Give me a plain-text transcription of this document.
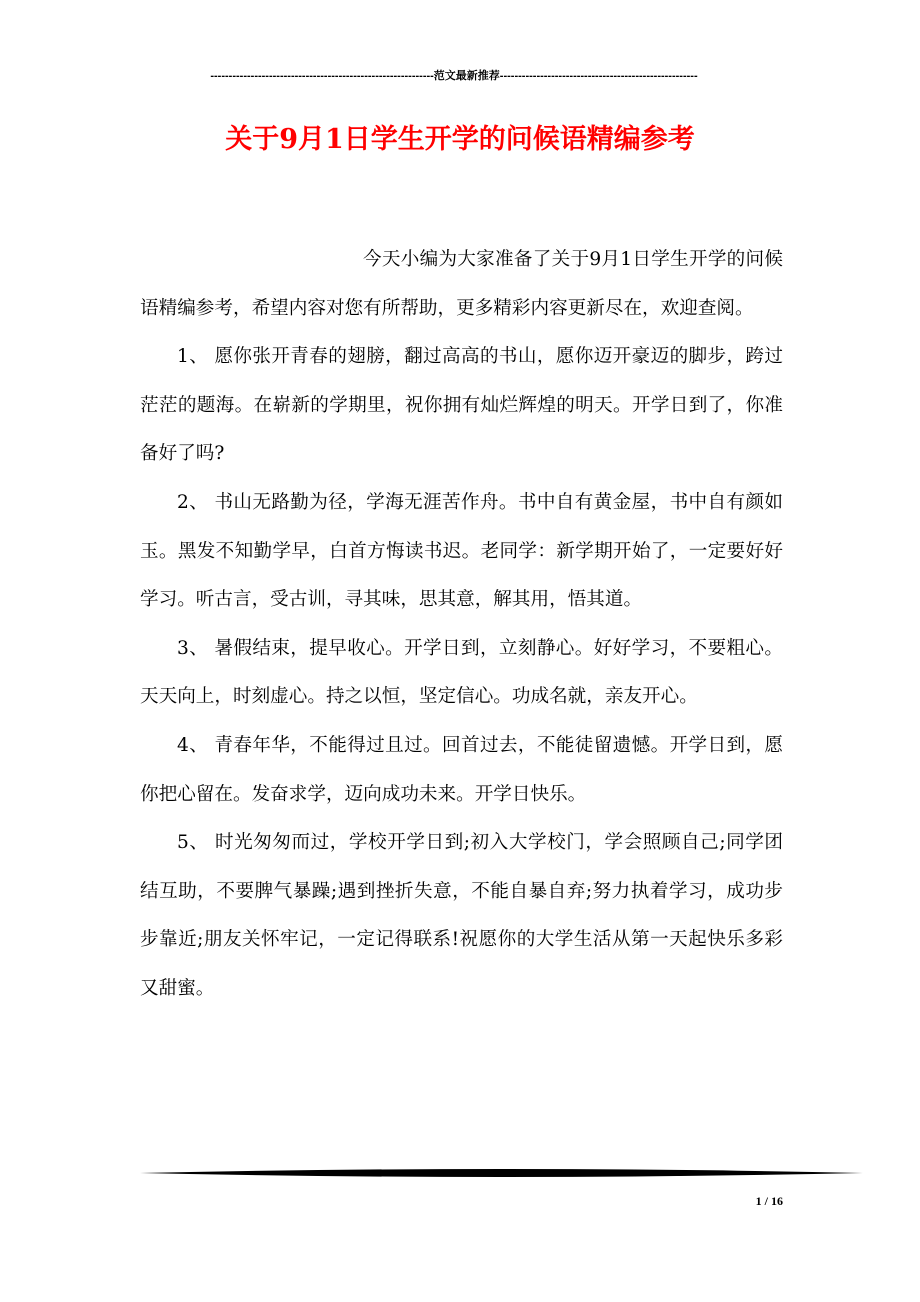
-------------------------------------------------------------范文最新推荐------------------------------------------------------
关于9月1日学生开学的问候语精编参考

今天小编为大家准备了关于9月1日学生开学的问候语精编参考，希望内容对您有所帮助，更多精彩内容更新尽在，欢迎查阅。

1、 愿你张开青春的翅膀，翻过高高的书山，愿你迈开豪迈的脚步，跨过茫茫的题海。在崭新的学期里，祝你拥有灿烂辉煌的明天。开学日到了，你准备好了吗?

2、 书山无路勤为径，学海无涯苦作舟。书中自有黄金屋，书中自有颜如玉。黑发不知勤学早，白首方悔读书迟。老同学：新学期开始了，一定要好好学习。听古言，受古训，寻其味，思其意，解其用，悟其道。

3、 暑假结束，提早收心。开学日到，立刻静心。好好学习，不要粗心。天天向上，时刻虚心。持之以恒，坚定信心。功成名就，亲友开心。

4、 青春年华，不能得过且过。回首过去，不能徒留遗憾。开学日到，愿你把心留在。发奋求学，迈向成功未来。开学日快乐。

5、 时光匆匆而过，学校开学日到;初入大学校门，学会照顾自己;同学团结互助，不要脾气暴躁;遇到挫折失意，不能自暴自弃;努力执着学习，成功步步靠近;朋友关怀牢记，一定记得联系!祝愿你的大学生活从第一天起快乐多彩又甜蜜。

1 / 16
